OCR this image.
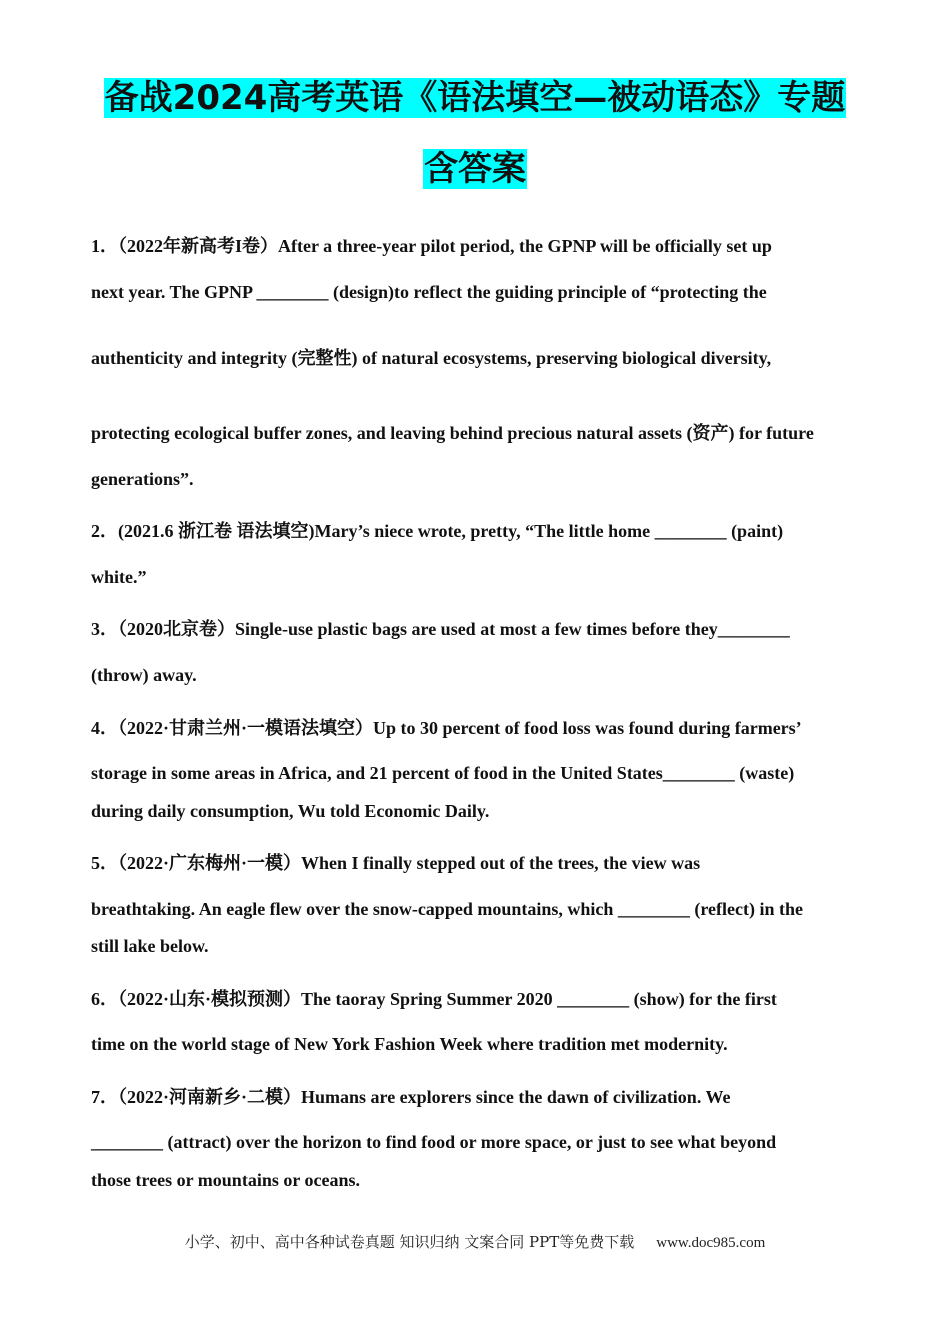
备战2024高考英语《语法填空—被动语态》专题
含答案
1．（2022年新高考I卷）After a three-year pilot period, the GPNP will be officially set up
next year. The GPNP ________ (design)to reflect the guiding principle of “protecting the
authenticity and integrity (完整性) of natural ecosystems, preserving biological diversity,
protecting ecological buffer zones, and leaving behind precious natural assets (资产) for future
generations”.
2．(2021.6 浙江卷 语法填空)Mary’s niece wrote, pretty, “The little home ________ (paint)
white.”
3．（2020北京卷）Single-use plastic bags are used at most a few times before they________
(throw) away.
4．（2022·甘肃兰州·一模语法填空）Up to 30 percent of food loss was found during farmers’
storage in some areas in Africa, and 21 percent of food in the United States________ (waste)
during daily consumption, Wu told Economic Daily.
5．（2022·广东梅州·一模）When I finally stepped out of the trees, the view was
breathtaking. An eagle flew over the snow-capped mountains, which ________ (reflect) in the
still lake below.
6．（2022·山东·模拟预测）The taoray Spring Summer 2020 ________ (show) for the first
time on the world stage of New York Fashion Week where tradition met modernity.
7．（2022·河南新乡·二模）Humans are explorers since the dawn of civilization. We
________ (attract) over the horizon to find food or more space, or just to see what beyond
those trees or mountains or oceans.
小学、初中、高中各种试卷真题 知识归纳 文案合同 PPT等免费下载 www.doc985.com
